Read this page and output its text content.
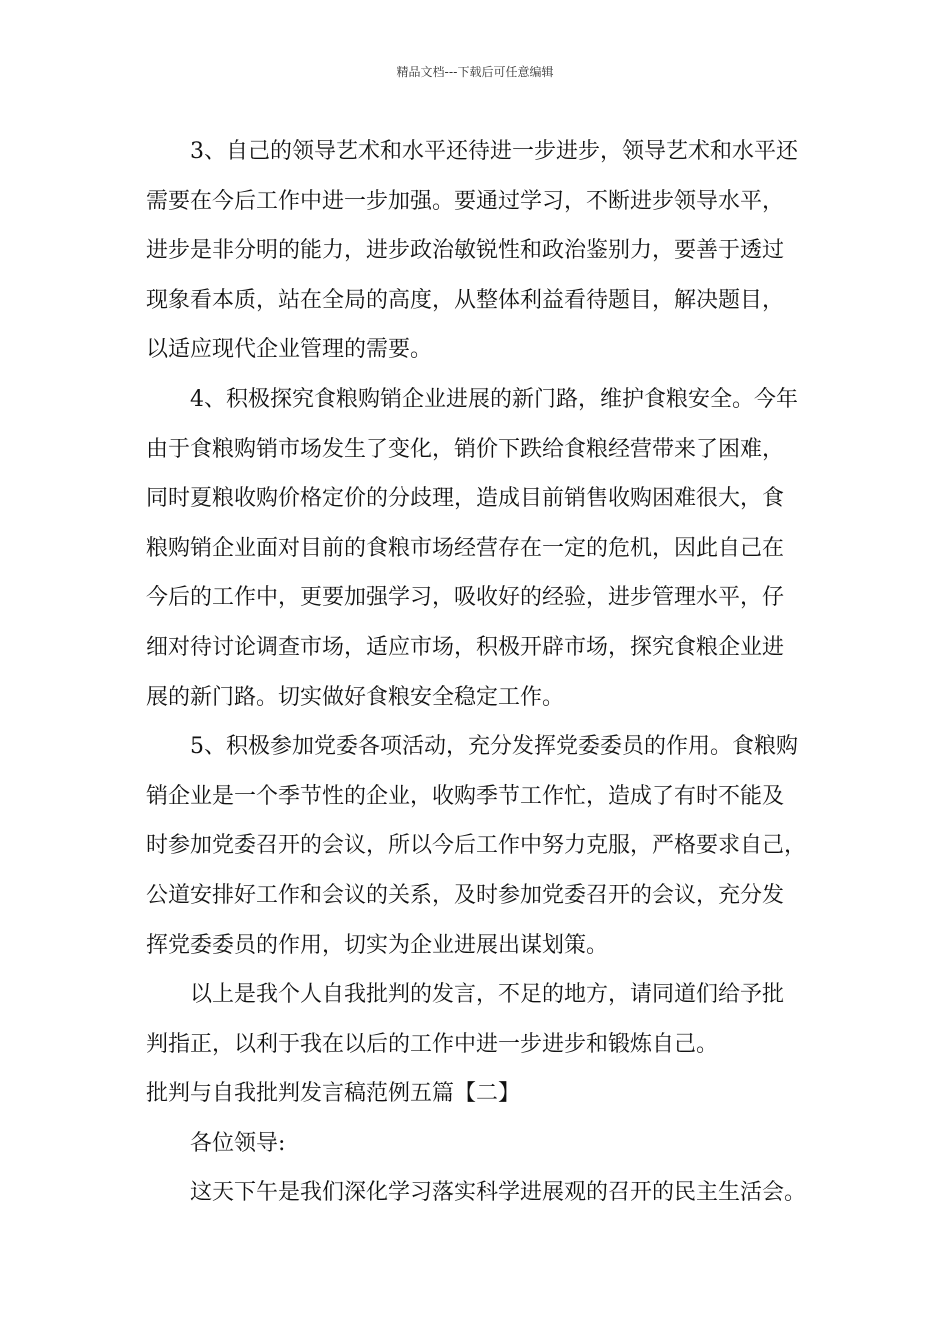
精品文档---下载后可任意编辑
3、自己的领导艺术和水平还待进一步进步，领导艺术和水平还
需要在今后工作中进一步加强。要通过学习，不断进步领导水平，
进步是非分明的能力，进步政治敏锐性和政治鉴别力，要善于透过
现象看本质，站在全局的高度，从整体利益看待题目，解决题目，
以适应现代企业管理的需要。
4、积极探究食粮购销企业进展的新门路，维护食粮安全。今年
由于食粮购销市场发生了变化，销价下跌给食粮经营带来了困难，
同时夏粮收购价格定价的分歧理，造成目前销售收购困难很大，食
粮购销企业面对目前的食粮市场经营存在一定的危机，因此自己在
今后的工作中，更要加强学习，吸收好的经验，进步管理水平，仔
细对待讨论调查市场，适应市场，积极开辟市场，探究食粮企业进
展的新门路。切实做好食粮安全稳定工作。
5、积极参加党委各项活动，充分发挥党委委员的作用。食粮购
销企业是一个季节性的企业，收购季节工作忙，造成了有时不能及
时参加党委召开的会议，所以今后工作中努力克服，严格要求自己，
公道安排好工作和会议的关系，及时参加党委召开的会议，充分发
挥党委委员的作用，切实为企业进展出谋划策。
以上是我个人自我批判的发言，不足的地方，请同道们给予批
判指正，以利于我在以后的工作中进一步进步和锻炼自己。
批判与自我批判发言稿范例五篇【二】
各位领导:
这天下午是我们深化学习落实科学进展观的召开的民主生活会。
